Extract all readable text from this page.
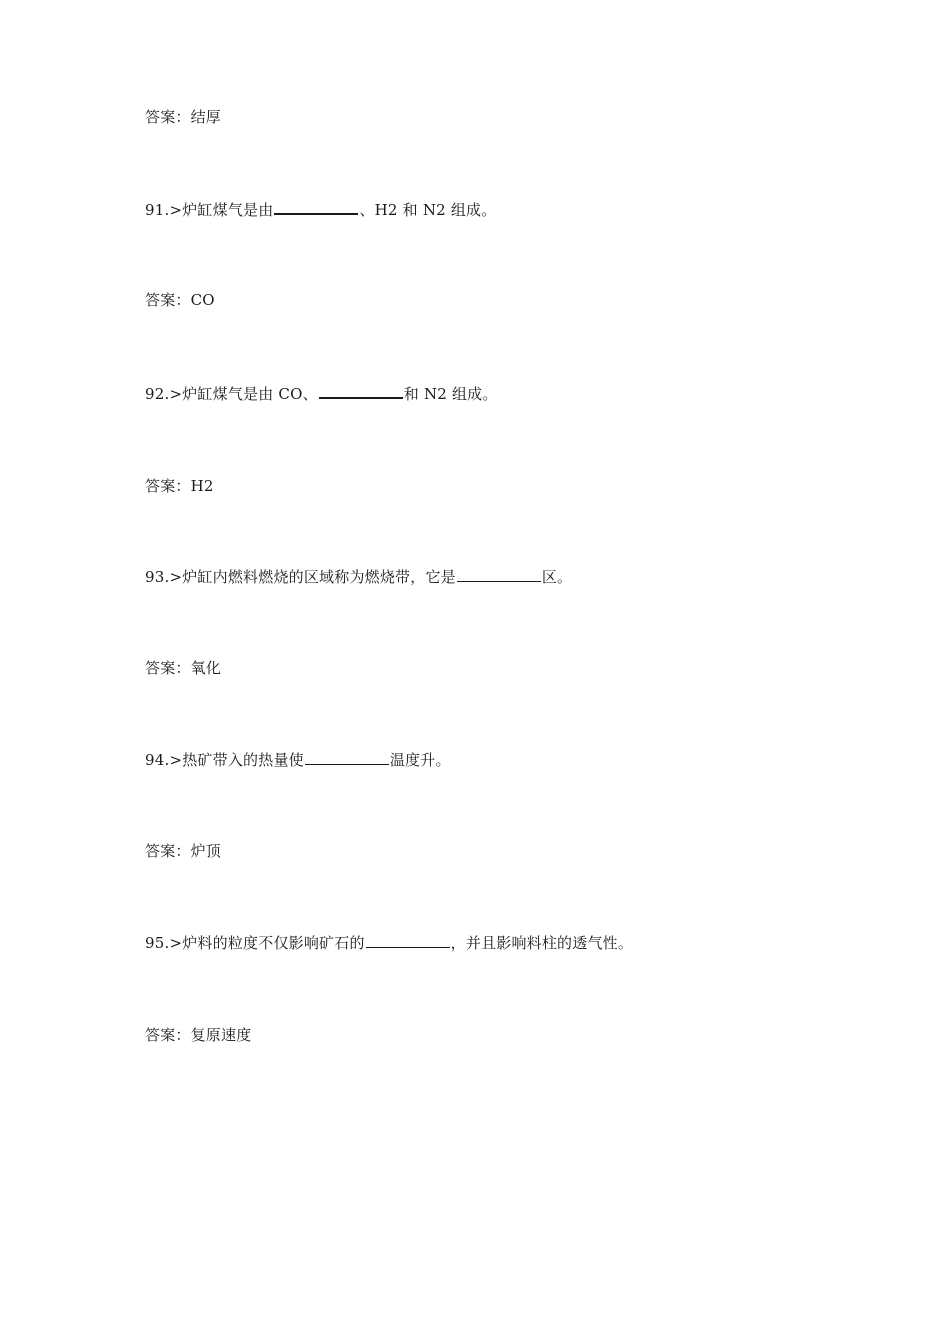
答案：结厚
91.>炉缸煤气是由	、H2 和 N2 组成。
答案：CO
92.>炉缸煤气是由 CO、	和 N2 组成。
答案：H2
93.>炉缸内燃料燃烧的区域称为燃烧带，它是	区。
答案：氧化
94.>热矿带入的热量使	温度升。
答案：炉顶
95.>炉料的粒度不仅影响矿石的	，并且影响料柱的透气性。
答案：复原速度
